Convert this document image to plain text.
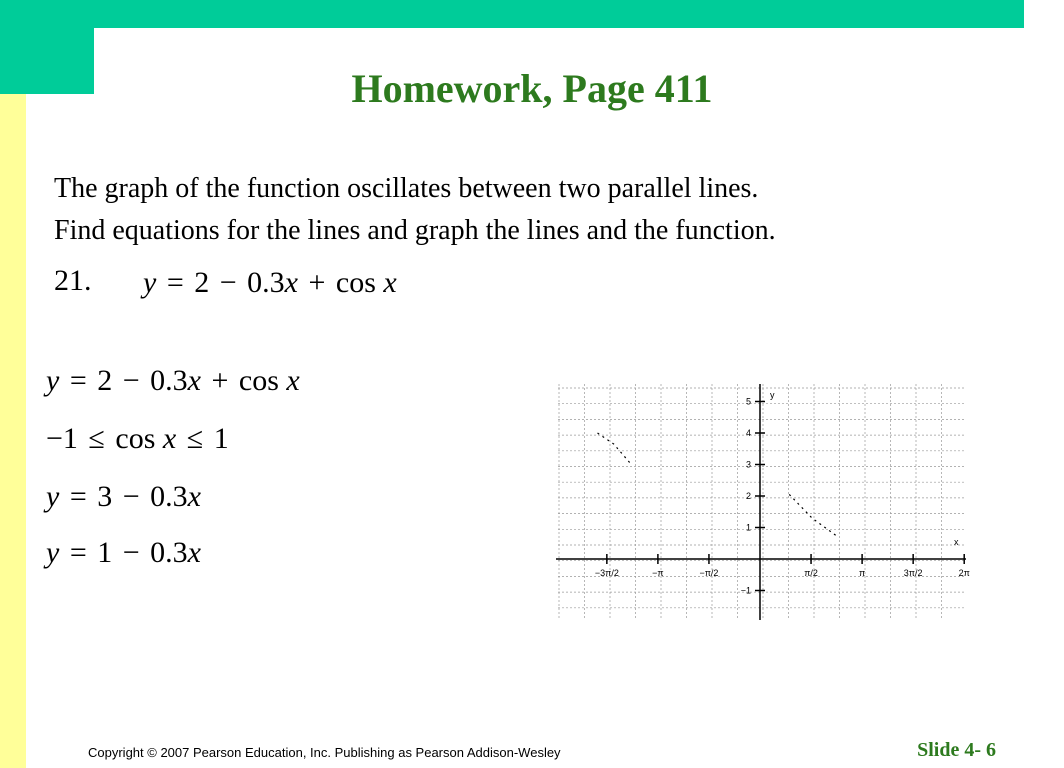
Homework, Page 411
The graph of the function oscillates between two parallel lines.
Find equations for the lines and graph the lines and the function.
21. y = 2 − 0.3x + cos x
y = 2 − 0.3x + cos x
−1 ≤ cos x ≤ 1
y = 3 − 0.3x
y = 1 − 0.3x	x
y
−3π/2	−π	−π/2	π/2	π	3π/2	2π
1
2
3
4
5
−1
Copyright © 2007 Pearson Education, Inc. Publishing as Pearson Addison-Wesley	Slide 4- 6
